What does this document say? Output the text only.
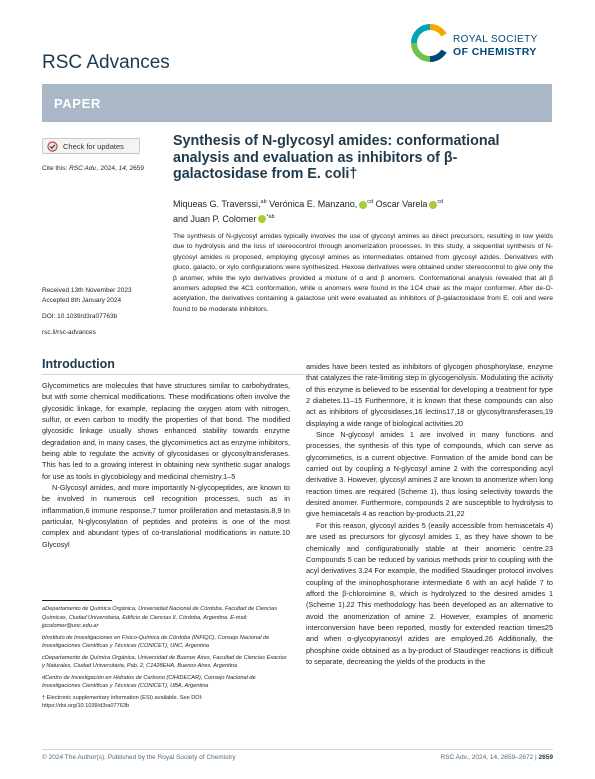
ROYAL SOCIETY
OF CHEMISTRY
RSC Advances
PAPER
Check for updates
Cite this: RSC Adv., 2024, 14, 2659
Synthesis of N-glycosyl amides: conformational analysis and evaluation as inhibitors of β-galactosidase from E. coli†
Miqueas G. Traverssi,$^{ab}$ Verónica E. Manzano, $^{cd}$ Oscar Varela $^{cd}$
and Juan P. Colomer $^{*ab}$

The synthesis of N-glycosyl amides typically involves the use of glycosyl amines as direct precursors, resulting in low yields due to hydrolysis and the loss of stereocontrol through anomerization processes. In this study, a sequential synthesis of N-glycosyl amides is proposed, employing glycosyl amines as intermediates obtained from glycosyl azides. Derivatives with gluco, galacto, or xylo configurations were synthesized. Hexose derivatives were obtained under stereocontrol to give only the β anomer, while the xylo derivatives provided a mixture of α and β anomers. Conformational analysis revealed that all β anomers adopted the 4C1 conformation, while α anomers were found in the 1C4 chair as the major conformer. After de-O-acetylation, the derivatives containing a galactose unit were evaluated as inhibitors of β-galactosidase from E. coli and were found to be moderate inhibitors.

Received 13th November 2023
Accepted 8th January 2024
DOI: 10.1039/d3ra07763b
rsc.li/rsc-advances
Introduction

Glycomimetics are molecules that have structures similar to carbohydrates, but with some chemical modifications. These modifications often involve the glycosidic linkage, for example, replacing the oxygen atom with nitrogen, sulfur, or even carbon to modify the properties of that bond. The modified glycosidic linkage usually shows enhanced stability towards enzyme degradation and, in many cases, the glycomimetics act as enzyme inhibitors, being able to regulate the activity of glycosidases or glycosyltransferases. This has led to a growing interest in obtaining new synthetic sugar analogs for use as tools in glycobiology and medicinal chemistry.1–5

N-Glycosyl amides, and more importantly N-glycopeptides, are known to be involved in numerous cell recognition processes, such as in inflammation,6 immune response,7 tumor proliferation and metastasis.8,9 In particular, N-glycosylation of peptides and proteins is one of the most complex and abundant types of co-translational modifications in nature.10 Glycosyl

amides have been tested as inhibitors of glycogen phosphorylase, enzyme that catalyzes the rate-limiting step in glycogenolysis. Modulating the activity of this enzyme is believed to be essential for developing a treatment for type 2 diabetes.11–15 Furthermore, it is known that these compounds can also act as inhibitors of glycosidases,16 lectins17,18 or glycosyltransferases,19 displaying a wide range of biological activities.20

Since N-glycosyl amides 1 are involved in many functions and processes, the synthesis of this type of compounds, which can serve as glycomimetics, is a current objective. Formation of the amide bond can be carried out by coupling a N-glycosyl amine 2 with the corresponding acyl derivative 3. However, glycosyl amines 2 are known to anomerize when long reaction times are required (Scheme 1), thus losing selectivity towards the desired anomer. Furthermore, compounds 2 are susceptible to hydrolysis to give hemiacetals 4 as reaction by-products.21,22

For this reason, glycosyl azides 5 (easily accessible from hemiacetals 4) are used as precursors for glycosyl amides 1, as they have shown to be chemically and configurationally stable at their anomeric centre.23 Compounds 5 can be reduced by various methods prior to coupling with the acyl derivatives 3.24 For example, the modified Staudinger protocol involves coupling of the iminophosphorane intermediate 6 with an acyl halide 7 to afford the β-chloroimine 8, which is hydrolyzed to the desired amides 1 (Scheme 1).22 This methodology has been developed as an alternative to avoid the anomerization of amine 2. However, examples of anomeric interconversion have been reported, mostly for extended reaction times25 and when α-glycopyranosyl azides are employed.26 Additionally, the phosphine oxide obtained as a by-product of Staudinger reactions is difficult to separate, decreasing the yields of the products in the

aDepartamento de Química Orgánica, Universidad Nacional de Córdoba, Facultad de Ciencias Químicas, Ciudad Universitaria, Edificio de Ciencias II, Córdoba, Argentina. E-mail: jpcolomer@unc.edu.ar

bInstituto de Investigaciones en Físico-Química de Córdoba (INFIQC), Consejo Nacional de Investigaciones Científicas y Técnicas (CONICET), UNC, Argentina

cDepartamento de Química Orgánica, Universidad de Buenos Aires, Facultad de Ciencias Exactas y Naturales, Ciudad Universitaria, Pab. 2, C1428EHA, Buenos Aires, Argentina

dCentro de Investigación en Hidratos de Carbono (CIHIDECAR), Consejo Nacional de Investigaciones Científicas y Técnicas (CONICET), UBA, Argentina

† Electronic supplementary information (ESI) available. See DOI: https://doi.org/10.1039/d3ra07763b

© 2024 The Author(s). Published by the Royal Society of Chemistry	RSC Adv., 2024, 14, 2659–2672 | 2659
